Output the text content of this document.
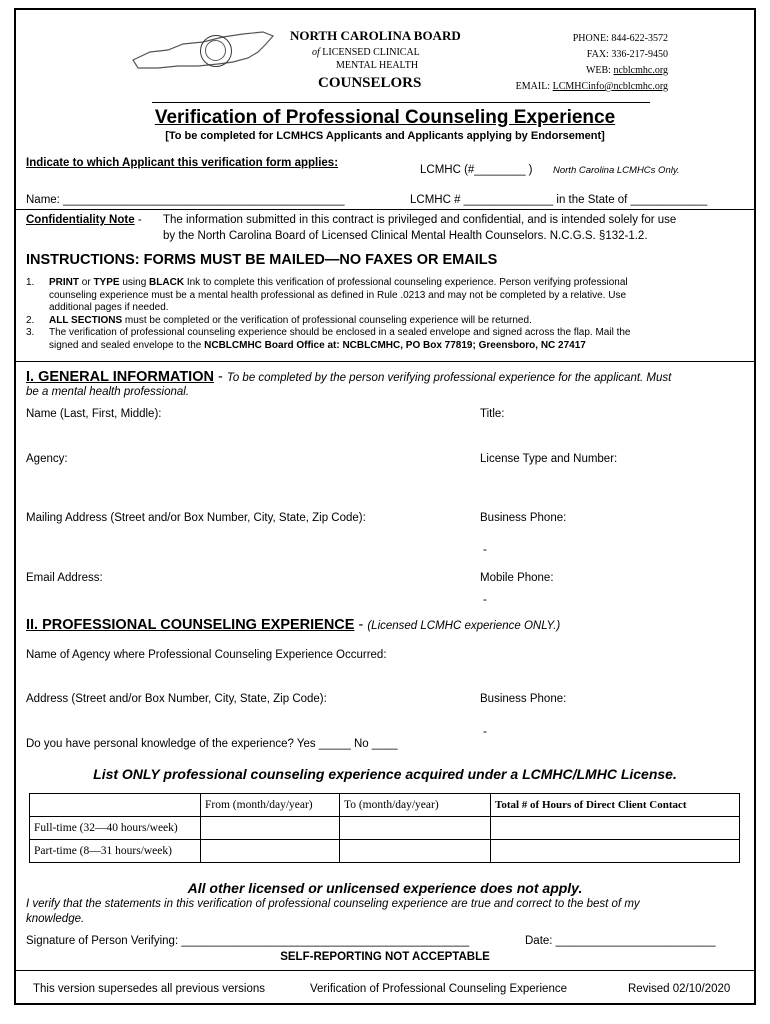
NORTH CAROLINA BOARD
of LICENSED CLINICAL
MENTAL HEALTH
COUNSELORS
PHONE: 844-622-3572
FAX: 336-217-9450
WEB: ncblcmhc.org
EMAIL: LCMHCinfo@ncblcmhc.org
Verification of Professional Counseling Experience
[To be completed for LCMHCS Applicants and Applicants applying by Endorsement]
Indicate to which Applicant this verification form applies:
LCMHC (#________ ) North Carolina LCMHCs Only.
Name: ____________________________________________	LCMHC # ______________ in the State of ____________
Confidentiality Note - The information submitted in this contract is privileged and confidential, and is intended solely for use
by the North Carolina Board of Licensed Clinical Mental Health Counselors. N.C.G.S. §132-1.2.
INSTRUCTIONS: FORMS MUST BE MAILED—NO FAXES OR EMAILS
1. PRINT or TYPE using BLACK Ink to complete this verification of professional counseling experience. Person verifying professional
counseling experience must be a mental health professional as defined in Rule .0213 and may not be completed by a relative. Use
additional pages if needed.
2. ALL SECTIONS must be completed or the verification of professional counseling experience will be returned.
3. The verification of professional counseling experience should be enclosed in a sealed envelope and signed across the flap. Mail the
signed and sealed envelope to the NCBLCMHC Board Office at: NCBLCMHC, PO Box 77819; Greensboro, NC 27417
I. GENERAL INFORMATION - To be completed by the person verifying professional experience for the applicant. Must
be a mental health professional.
Name (Last, First, Middle):	Title:
Agency:	License Type and Number:
Mailing Address (Street and/or Box Number, City, State, Zip Code):	Business Phone:
-
Email Address:	Mobile Phone:
-
II. PROFESSIONAL COUNSELING EXPERIENCE - (Licensed LCMHC experience ONLY.)
Name of Agency where Professional Counseling Experience Occurred:
Address (Street and/or Box Number, City, State, Zip Code):	Business Phone:
-
Do you have personal knowledge of the experience? Yes _____ No ____
List ONLY professional counseling experience acquired under a LCMHC/LMHC License.
	From (month/day/year)	To (month/day/year)	Total # of Hours of Direct Client Contact
Full-time (32—40 hours/week)			
Part-time (8—31 hours/week)			
All other licensed or unlicensed experience does not apply.
I verify that the statements in this verification of professional counseling experience are true and correct to the best of my
knowledge.
Signature of Person Verifying: _____________________________________________	Date: _________________________
SELF-REPORTING NOT ACCEPTABLE
This version supersedes all previous versions	Verification of Professional Counseling Experience	Revised 02/10/2020
